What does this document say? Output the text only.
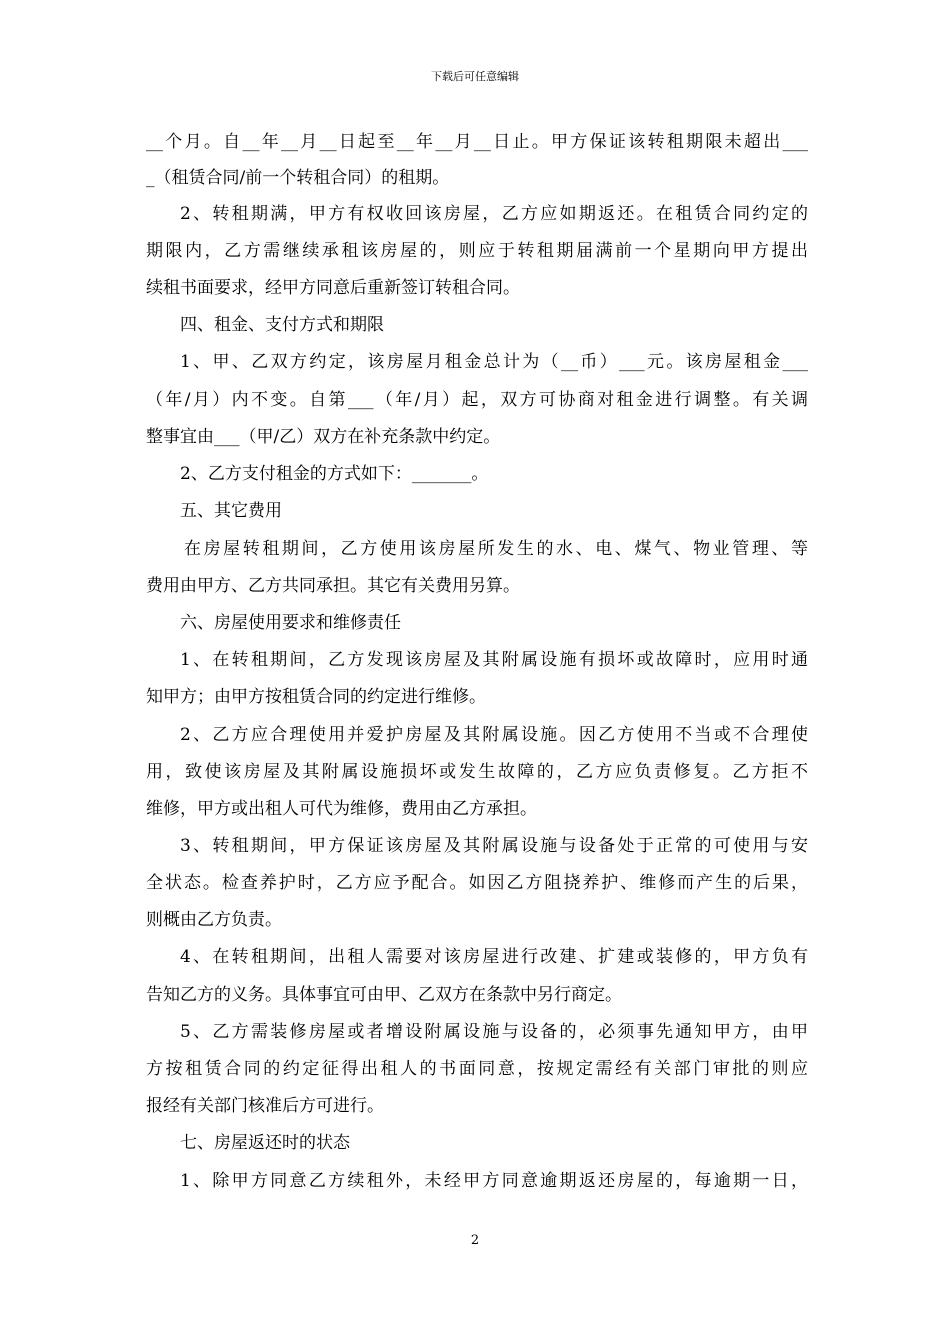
下载后可任意编辑
__个月。自__年__月__日起至__年__月__日止。甲方保证该转租期限未超出___
_（租赁合同/前一个转租合同）的租期。
2、转租期满，甲方有权收回该房屋，乙方应如期返还。在租赁合同约定的
期限内，乙方需继续承租该房屋的，则应于转租期届满前一个星期向甲方提出
续租书面要求，经甲方同意后重新签订转租合同。
四、租金、支付方式和期限
1、甲、乙双方约定，该房屋月租金总计为（__币）___元。该房屋租金___
（年/月）内不变。自第___（年/月）起，双方可协商对租金进行调整。有关调
整事宜由___（甲/乙）双方在补充条款中约定。
2、乙方支付租金的方式如下：_______。
五、其它费用
在房屋转租期间，乙方使用该房屋所发生的水、电、煤气、物业管理、等
费用由甲方、乙方共同承担。其它有关费用另算。
六、房屋使用要求和维修责任
1、在转租期间，乙方发现该房屋及其附属设施有损坏或故障时，应用时通
知甲方；由甲方按租赁合同的约定进行维修。
2、乙方应合理使用并爱护房屋及其附属设施。因乙方使用不当或不合理使
用，致使该房屋及其附属设施损坏或发生故障的，乙方应负责修复。乙方拒不
维修，甲方或出租人可代为维修，费用由乙方承担。
3、转租期间，甲方保证该房屋及其附属设施与设备处于正常的可使用与安
全状态。检查养护时，乙方应予配合。如因乙方阻挠养护、维修而产生的后果，
则概由乙方负责。
4、在转租期间，出租人需要对该房屋进行改建、扩建或装修的，甲方负有
告知乙方的义务。具体事宜可由甲、乙双方在条款中另行商定。
5、乙方需装修房屋或者增设附属设施与设备的，必须事先通知甲方，由甲
方按租赁合同的约定征得出租人的书面同意，按规定需经有关部门审批的则应
报经有关部门核准后方可进行。
七、房屋返还时的状态
1、除甲方同意乙方续租外，未经甲方同意逾期返还房屋的，每逾期一日，
2
